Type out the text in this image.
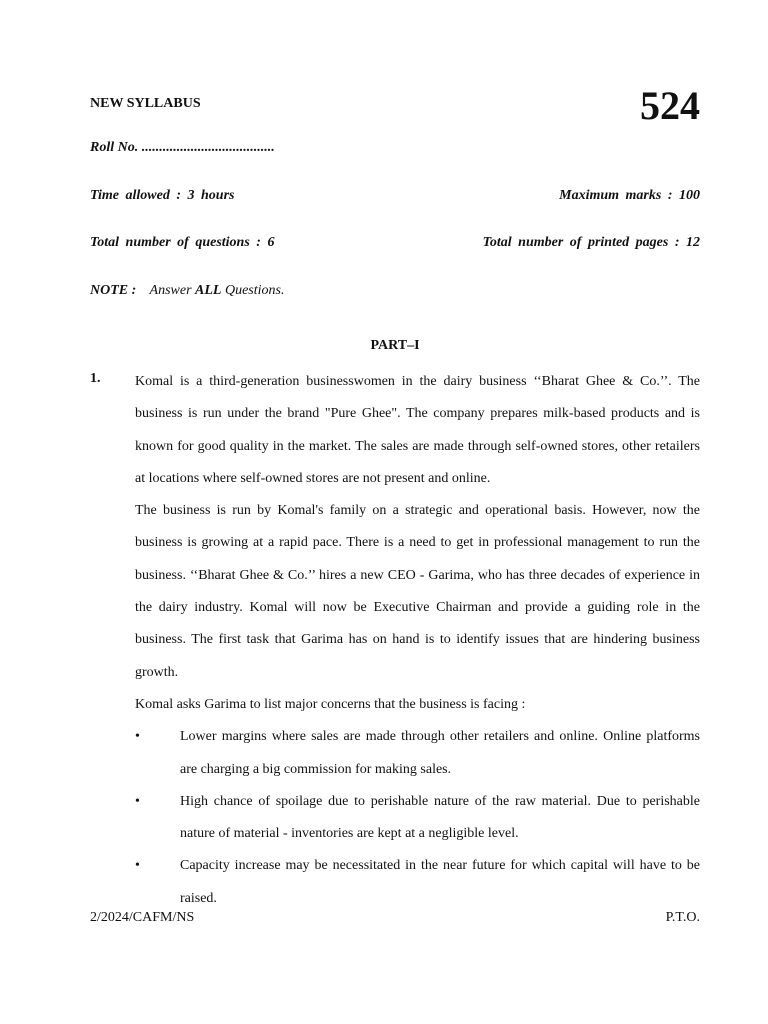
NEW SYLLABUS	524
Roll No. ......................................
Time allowed : 3 hours	Maximum marks : 100
Total number of questions : 6	Total number of printed pages : 12
NOTE : Answer ALL Questions.
PART–I
1. Komal is a third-generation businesswomen in the dairy business ‘‘Bharat Ghee & Co.’’. The business is run under the brand "Pure Ghee". The company prepares milk-based products and is known for good quality in the market. The sales are made through self-owned stores, other retailers at locations where self-owned stores are not present and online.

The business is run by Komal's family on a strategic and operational basis. However, now the business is growing at a rapid pace. There is a need to get in professional management to run the business. ‘‘Bharat Ghee & Co.’’ hires a new CEO - Garima, who has three decades of experience in the dairy industry. Komal will now be Executive Chairman and provide a guiding role in the business. The first task that Garima has on hand is to identify issues that are hindering business growth.

Komal asks Garima to list major concerns that the business is facing :

•	Lower margins where sales are made through other retailers and online. Online platforms are charging a big commission for making sales.
•	High chance of spoilage due to perishable nature of the raw material. Due to perishable nature of material - inventories are kept at a negligible level.
•	Capacity increase may be necessitated in the near future for which capital will have to be raised.
2/2024/CAFM/NS	P.T.O.
